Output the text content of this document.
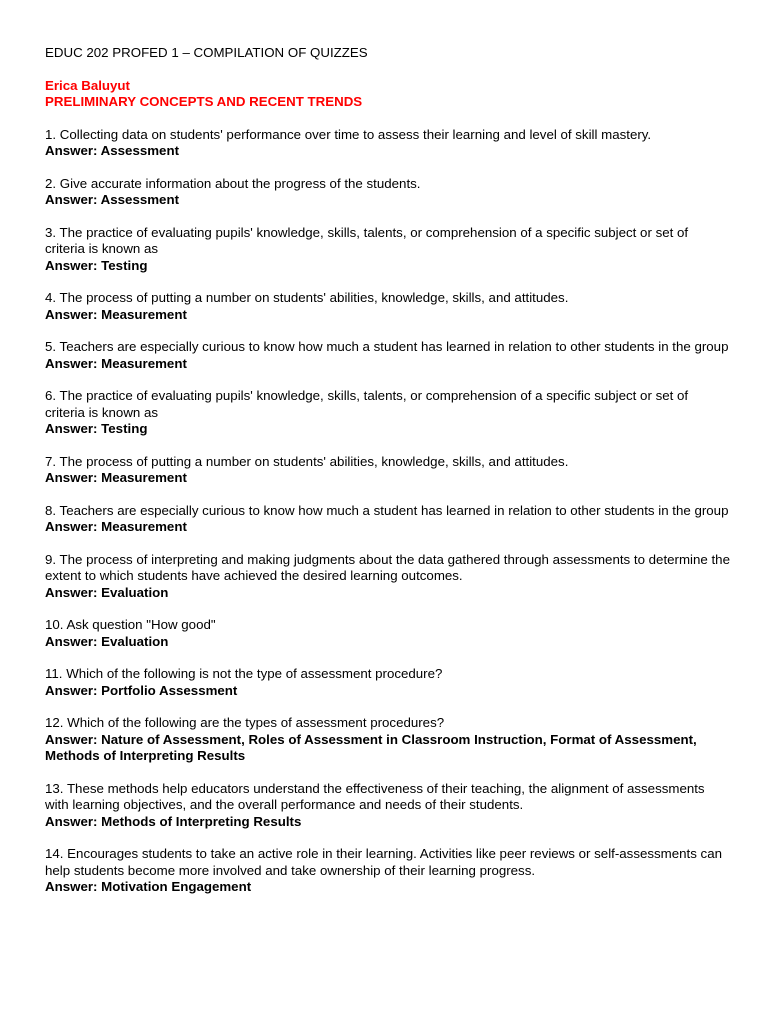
EDUC 202 PROFED 1 – COMPILATION OF QUIZZES
Erica Baluyut
PRELIMINARY CONCEPTS AND RECENT TRENDS
1. Collecting data on students' performance over time to assess their learning and level of skill mastery.
Answer: Assessment
2. Give accurate information about the progress of the students.
Answer: Assessment
3. The practice of evaluating pupils' knowledge, skills, talents, or comprehension of a specific subject or set of criteria is known as
Answer: Testing
4. The process of putting a number on students' abilities, knowledge, skills, and attitudes.
Answer: Measurement
5. Teachers are especially curious to know how much a student has learned in relation to other students in the group
Answer: Measurement
6. The practice of evaluating pupils' knowledge, skills, talents, or comprehension of a specific subject or set of criteria is known as
Answer: Testing
7. The process of putting a number on students' abilities, knowledge, skills, and attitudes.
Answer: Measurement
8. Teachers are especially curious to know how much a student has learned in relation to other students in the group
Answer: Measurement
9. The process of interpreting and making judgments about the data gathered through assessments to determine the extent to which students have achieved the desired learning outcomes.
Answer: Evaluation
10. Ask question "How good"
Answer: Evaluation
11. Which of the following is not the type of assessment procedure?
Answer: Portfolio Assessment
12. Which of the following are the types of assessment procedures?
Answer: Nature of Assessment, Roles of Assessment in Classroom Instruction, Format of Assessment, Methods of Interpreting Results
13. These methods help educators understand the effectiveness of their teaching, the alignment of assessments with learning objectives, and the overall performance and needs of their students.
Answer: Methods of Interpreting Results
14. Encourages students to take an active role in their learning. Activities like peer reviews or self-assessments can help students become more involved and take ownership of their learning progress.
Answer: Motivation Engagement
